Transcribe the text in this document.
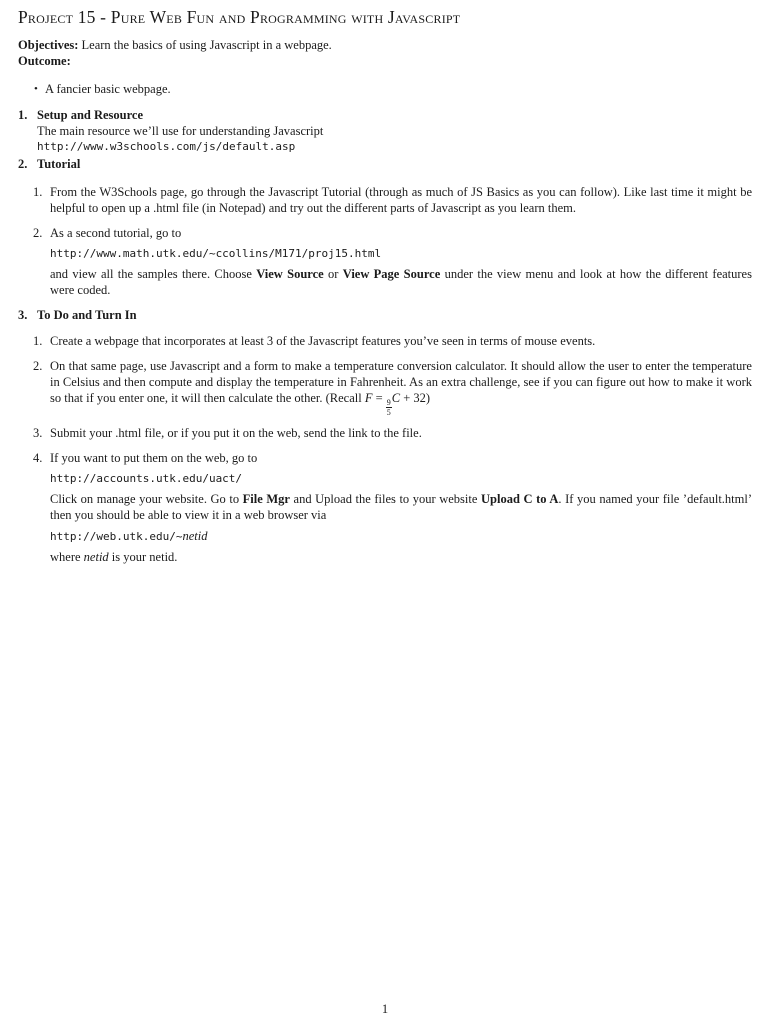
Project 15 - Pure Web Fun and Programming with Javascript

Objectives: Learn the basics of using Javascript in a webpage.

Outcome:

• A fancier basic webpage.
1. Setup and Resource
The main resource we’ll use for understanding Javascript
http://www.w3schools.com/js/default.asp
2. Tutorial
1. From the W3Schools page, go through the Javascript Tutorial (through as much of JS Basics as you can follow). Like last time it might be helpful to open up a .html file (in Notepad) and try out the different parts of Javascript as you learn them.
2. As a second tutorial, go to
http://www.math.utk.edu/~ccollins/M171/proj15.html
and view all the samples there. Choose View Source or View Page Source under the view menu and look at how the different features were coded.
3. To Do and Turn In
1. Create a webpage that incorporates at least 3 of the Javascript features you’ve seen in terms of mouse events.
2. On that same page, use Javascript and a form to make a temperature conversion calculator. It should allow the user to enter the temperature in Celsius and then compute and display the temperature in Fahrenheit. As an extra challenge, see if you can figure out how to make it work so that if you enter one, it will then calculate the other. (Recall F =
$\frac{9}{5}$
C + 32)
3. Submit your .html file, or if you put it on the web, send the link to the file.
4. If you want to put them on the web, go to
http://accounts.utk.edu/uact/
Click on manage your website. Go to File Mgr and Upload the files to your website Upload C to A. If you named your file ’default.html’ then you should be able to view it in a web browser via
http://web.utk.edu/~netid
where netid is your netid.
1
